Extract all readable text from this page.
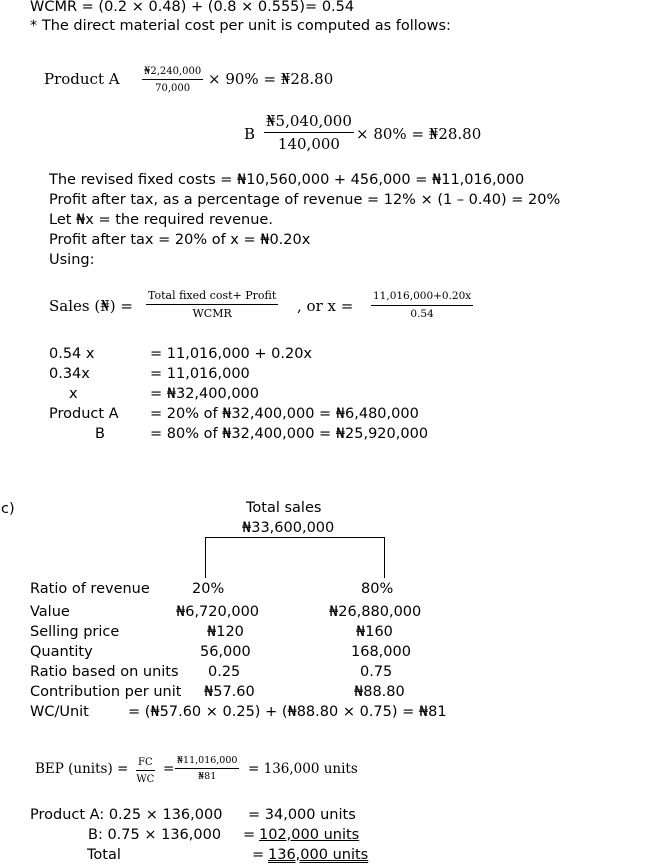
WCMR = (0.2 × 0.48) + (0.8 × 0.555)= 0.54
* The direct material cost per unit is computed as follows:
Product A $\frac{₦2,240,000}{70,000} \times 90\%$ = ₦28.80
B $\frac{₦5,040,000}{140,000} \times 80\%$ = ₦28.80
The revised fixed costs = ₦10,560,000 + 456,000 = ₦11,016,000
Profit after tax, as a percentage of revenue = 12% × (1 – 0.40) = 20%
Let ₦x = the required revenue.
Profit after tax = 20% of x = ₦0.20x
Using:
Sales (₦) =
Total fixed cost+ Profit
WCMR	, or $x = \frac{11,016,000+0.20x}{0.54}$
0.54 x	= 11,016,000 + 0.20x
0.34x	= 11,016,000
x	= ₦32,400,000
Product A = 20% of ₦32,400,000 = ₦6,480,000
B	= 80% of ₦32,400,000 = ₦25,920,000
c)	Total sales
₦33,600,000
Ratio of revenue	20%	80%
Value	₦6,720,000	₦26,880,000
Selling price	₦120	₦160
Quantity	56,000	168,000
Ratio based on units 0.25	0.75
Contribution per unit ₦57.60	₦88.80
WC/Unit	= (₦57.60 × 0.25) + (₦88.80 × 0.75) = ₦81
BEP (units) = $\frac{FC}{WC} = \frac{₦11,016,000}{₦81} = 136,000$ units
Product A: 0.25 × 136,000 = 34,000 units
B: 0.75 × 136,000 = 102,000 units
Total	= 136,000 units
